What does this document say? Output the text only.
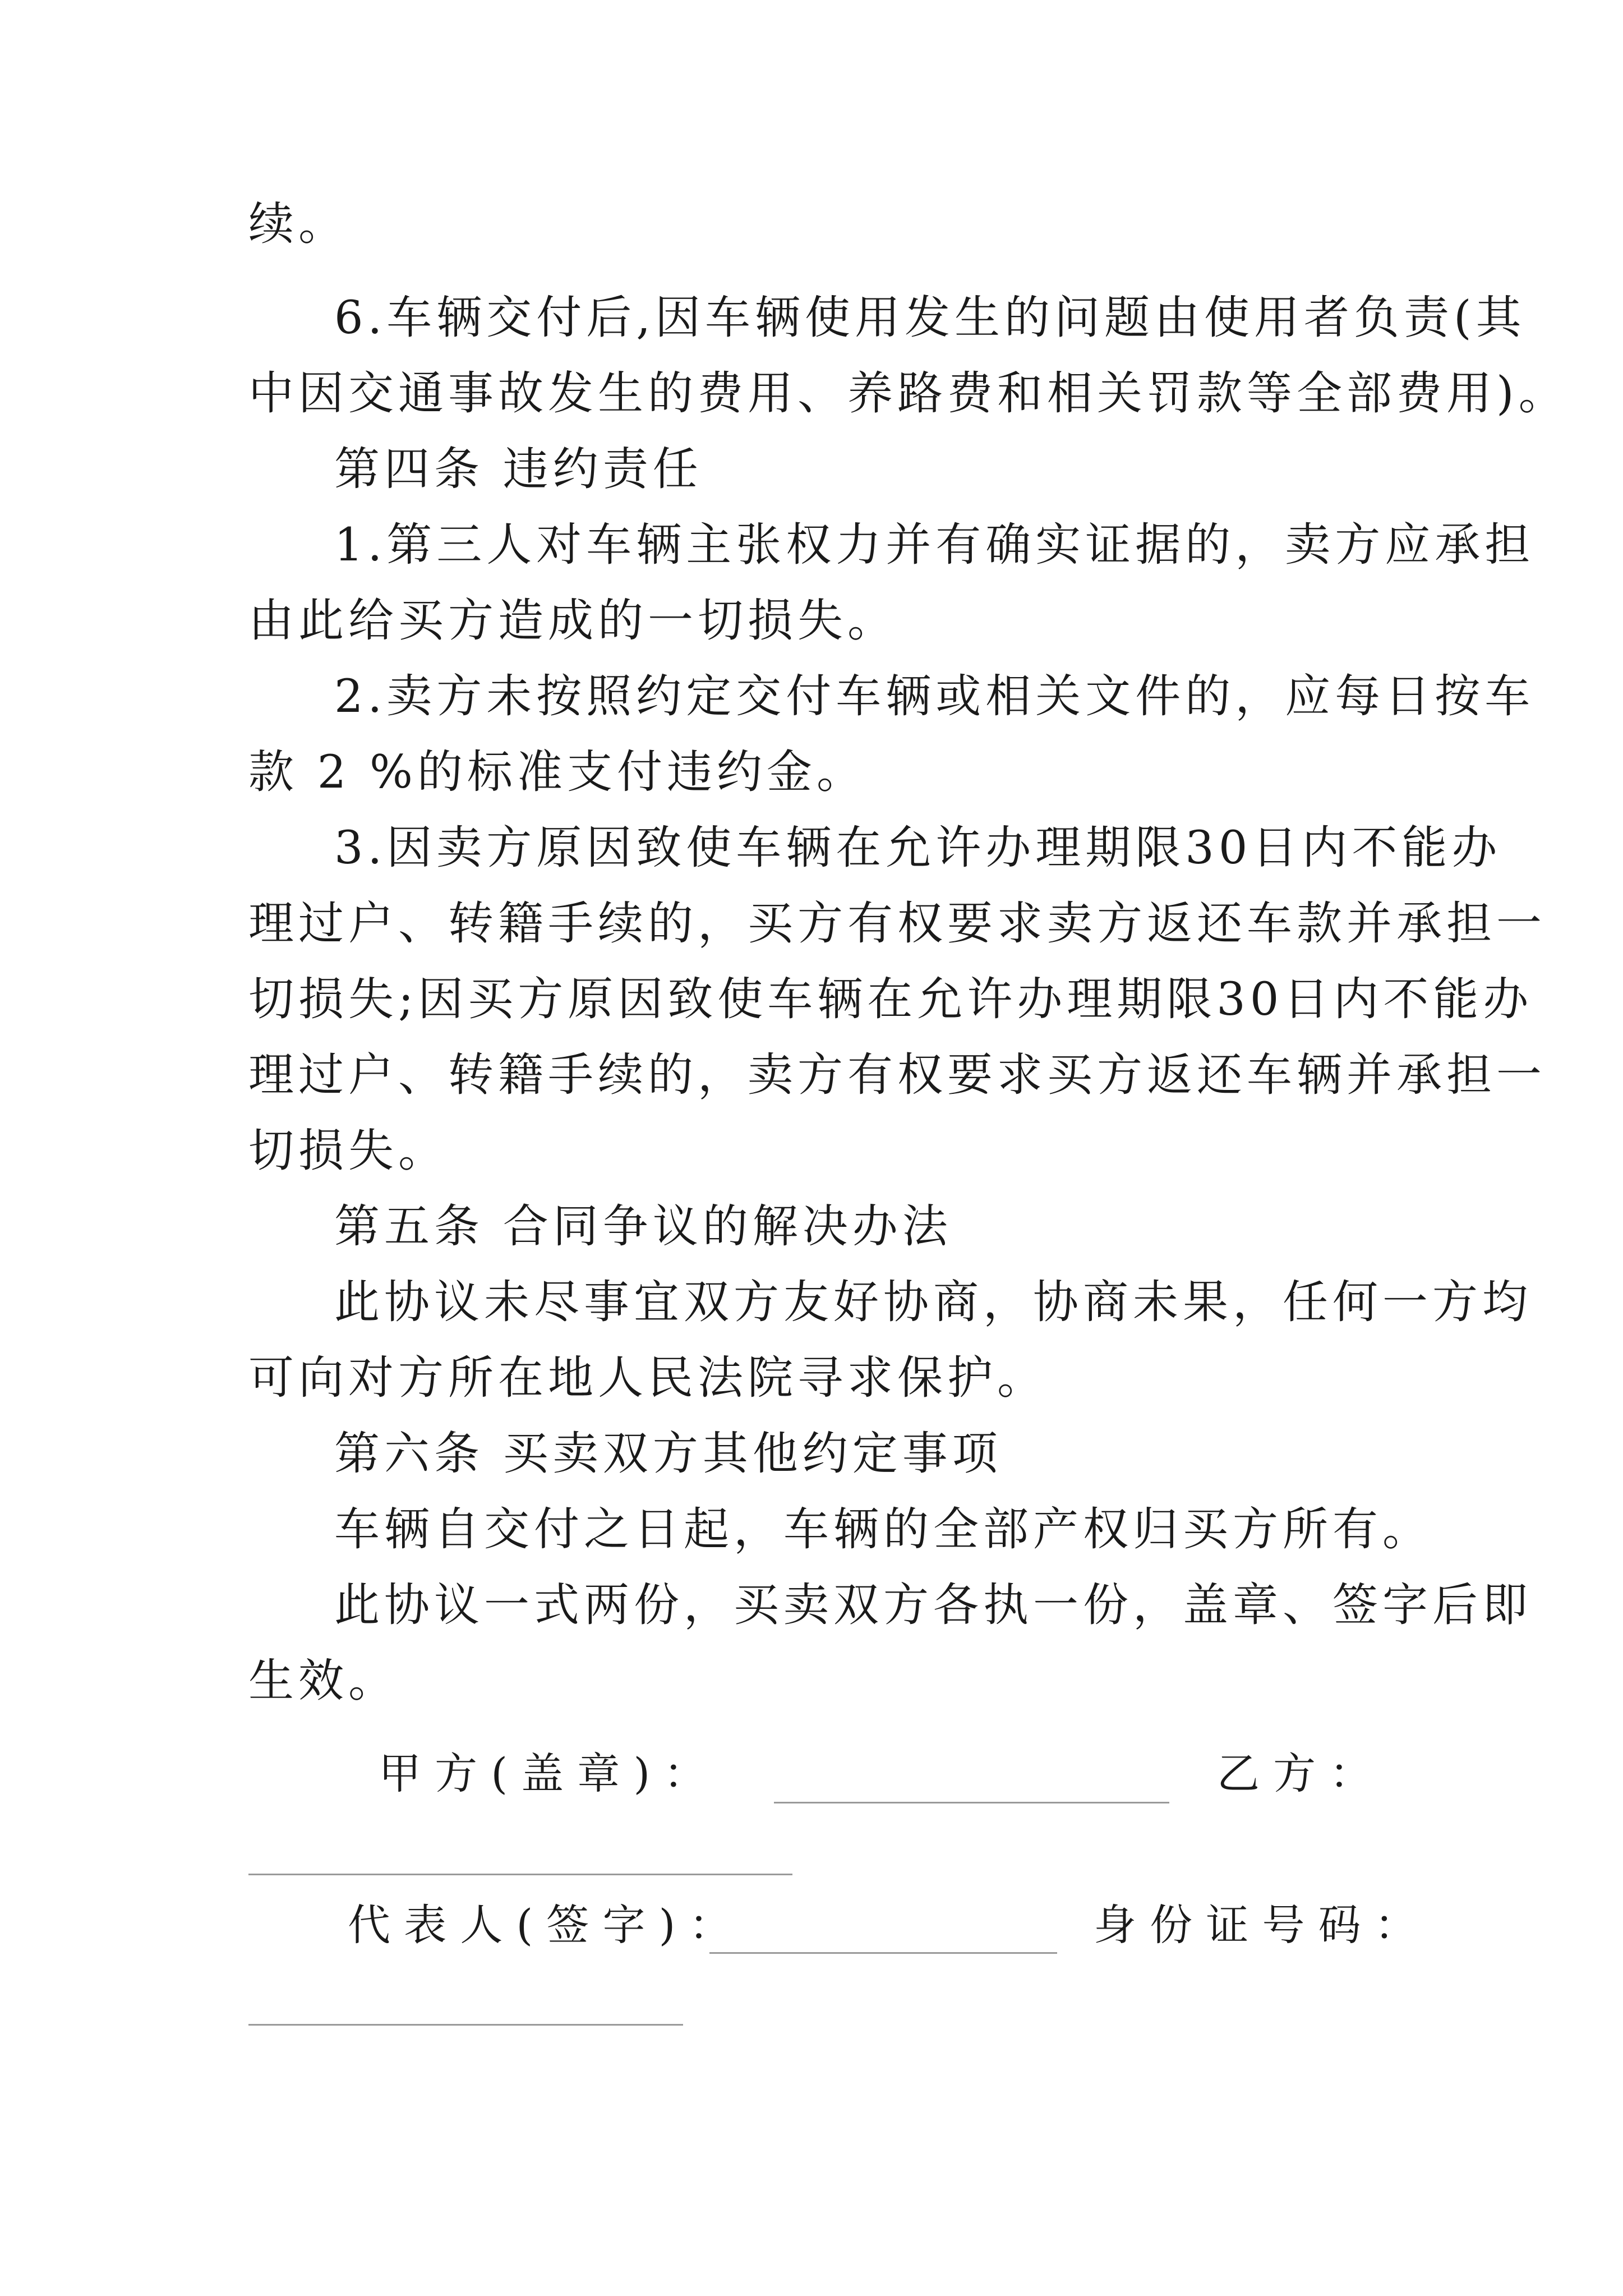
续。
6.车辆交付后,因车辆使用发生的问题由使用者负责(其
中因交通事故发生的费用、养路费和相关罚款等全部费用)。
第四条 违约责任
1.第三人对车辆主张权力并有确实证据的，卖方应承担
由此给买方造成的一切损失。
2.卖方未按照约定交付车辆或相关文件的，应每日按车
款 2 %的标准支付违约金。
3.因卖方原因致使车辆在允许办理期限30日内不能办
理过户、转籍手续的，买方有权要求卖方返还车款并承担一
切损失;因买方原因致使车辆在允许办理期限30日内不能办
理过户、转籍手续的，卖方有权要求买方返还车辆并承担一
切损失。
第五条 合同争议的解决办法
此协议未尽事宜双方友好协商，协商未果，任何一方均
可向对方所在地人民法院寻求保护。
第六条 买卖双方其他约定事项
车辆自交付之日起，车辆的全部产权归买方所有。
此协议一式两份，买卖双方各执一份，盖章、签字后即
生效。
甲 方 ( 盖 章 ) ：	乙 方 ：
代 表 人 ( 签 字 ) ：	身 份 证 号 码 ：
